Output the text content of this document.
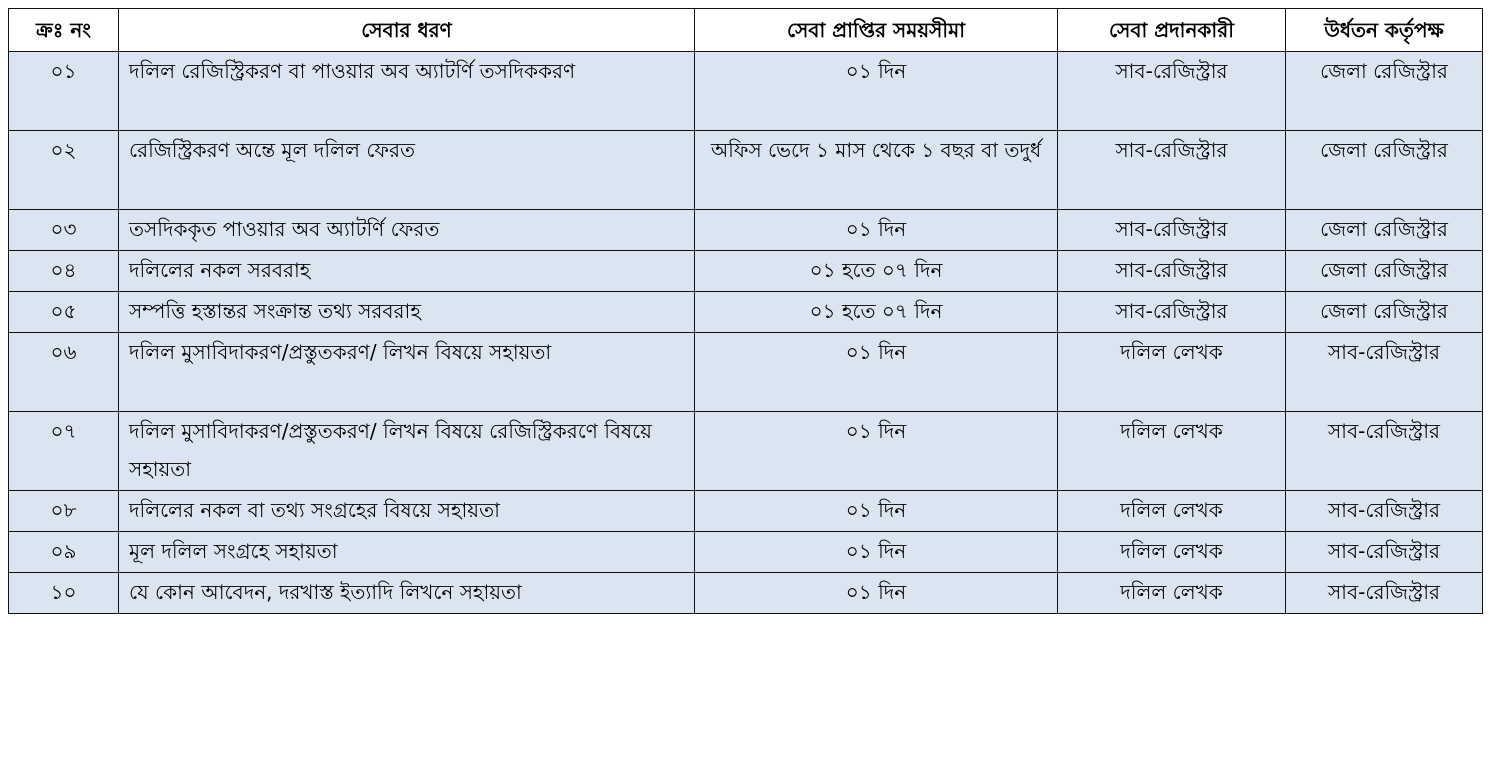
ক্রঃ নং	সেবার ধরণ	সেবা প্রাপ্তির সময়সীমা	সেবা প্রদানকারী	উর্ধতন কর্তৃপক্ষ
০১	দলিল রেজিস্ট্রিকরণ বা পাওয়ার অব অ্যাটর্ণি তসদিককরণ	০১ দিন	সাব-রেজিস্ট্রার	জেলা রেজিস্ট্রার
০২	রেজিস্ট্রিকরণ অন্তে মূল দলিল ফেরত	অফিস ভেদে ১ মাস থেকে ১ বছর বা তদুর্ধ	সাব-রেজিস্ট্রার	জেলা রেজিস্ট্রার
০৩	তসদিককৃত পাওয়ার অব অ্যাটর্ণি ফেরত	০১ দিন	সাব-রেজিস্ট্রার	জেলা রেজিস্ট্রার
০৪	দলিলের নকল সরবরাহ	০১ হতে ০৭ দিন	সাব-রেজিস্ট্রার	জেলা রেজিস্ট্রার
০৫	সম্পত্তি হস্তান্তর সংক্রান্ত তথ্য সরবরাহ	০১ হতে ০৭ দিন	সাব-রেজিস্ট্রার	জেলা রেজিস্ট্রার
০৬	দলিল মুসাবিদাকরণ/প্রস্তুতকরণ/ লিখন বিষয়ে সহায়তা	০১ দিন	দলিল লেখক	সাব-রেজিস্ট্রার
০৭	দলিল মুসাবিদাকরণ/প্রস্তুতকরণ/ লিখন বিষয়ে রেজিস্ট্রিকরণে বিষয়ে সহায়তা	০১ দিন	দলিল লেখক	সাব-রেজিস্ট্রার
০৮	দলিলের নকল বা তথ্য সংগ্রহের বিষয়ে সহায়তা	০১ দিন	দলিল লেখক	সাব-রেজিস্ট্রার
০৯	মূল দলিল সংগ্রহে সহায়তা	০১ দিন	দলিল লেখক	সাব-রেজিস্ট্রার
১০	যে কোন আবেদন, দরখাস্ত ইত্যাদি লিখনে সহায়তা	০১ দিন	দলিল লেখক	সাব-রেজিস্ট্রার
